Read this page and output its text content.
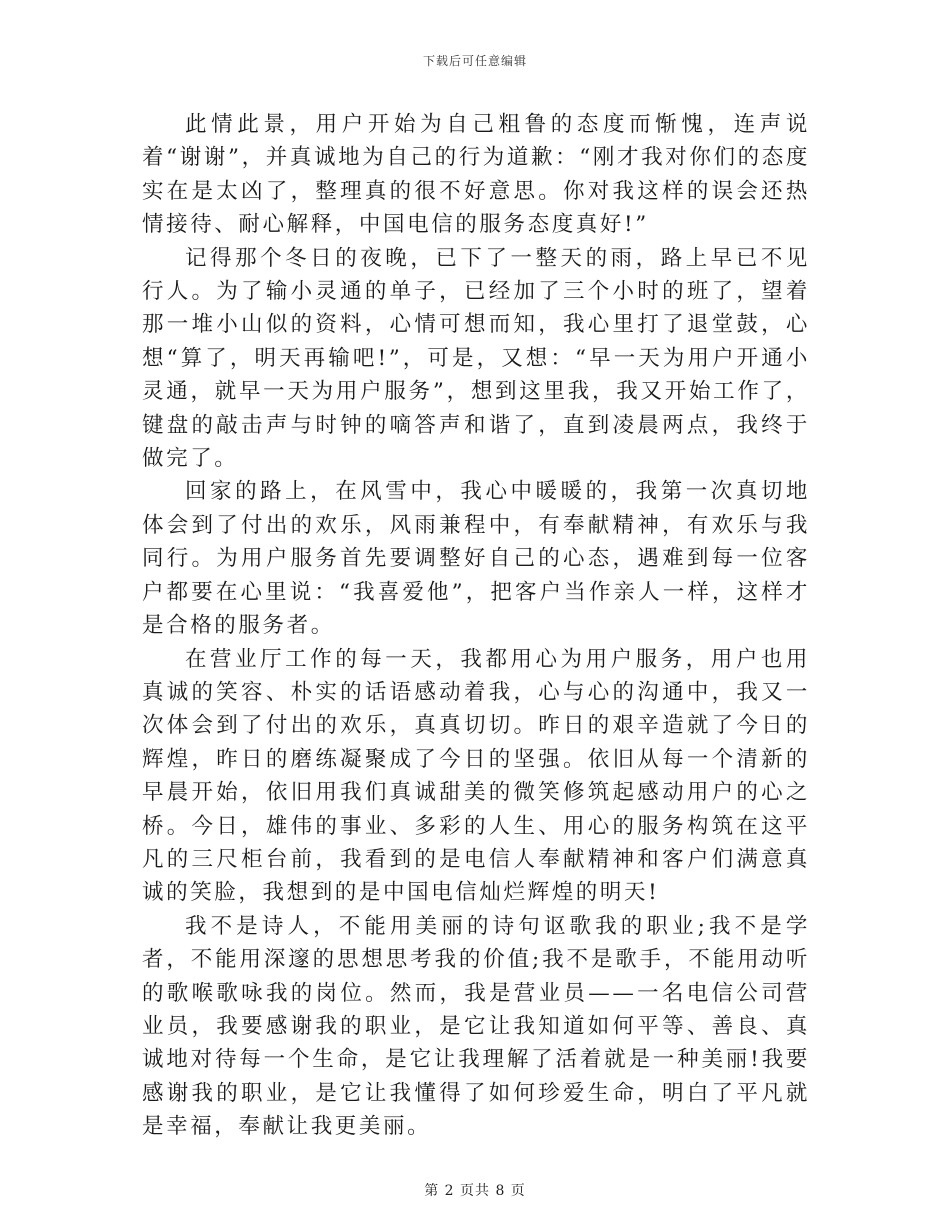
下载后可任意编辑

此情此景，用户开始为自己粗鲁的态度而惭愧，连声说着“谢谢”，并真诚地为自己的行为道歉：“刚才我对你们的态度实在是太凶了，整理真的很不好意思。你对我这样的误会还热情接待、耐心解释，中国电信的服务态度真好!”

记得那个冬日的夜晚，已下了一整天的雨，路上早已不见行人。为了输小灵通的单子，已经加了三个小时的班了，望着那一堆小山似的资料，心情可想而知，我心里打了退堂鼓，心想“算了，明天再输吧!”，可是，又想：“早一天为用户开通小灵通，就早一天为用户服务”，想到这里我，我又开始工作了，键盘的敲击声与时钟的嘀答声和谐了，直到凌晨两点，我终于做完了。

回家的路上，在风雪中，我心中暖暖的，我第一次真切地体会到了付出的欢乐，风雨兼程中，有奉献精神，有欢乐与我同行。为用户服务首先要调整好自己的心态，遇难到每一位客户都要在心里说：“我喜爱他”，把客户当作亲人一样，这样才是合格的服务者。

在营业厅工作的每一天，我都用心为用户服务，用户也用真诚的笑容、朴实的话语感动着我，心与心的沟通中，我又一次体会到了付出的欢乐，真真切切。昨日的艰辛造就了今日的辉煌，昨日的磨练凝聚成了今日的坚强。依旧从每一个清新的早晨开始，依旧用我们真诚甜美的微笑修筑起感动用户的心之桥。今日，雄伟的事业、多彩的人生、用心的服务构筑在这平凡的三尺柜台前，我看到的是电信人奉献精神和客户们满意真诚的笑脸，我想到的是中国电信灿烂辉煌的明天!

我不是诗人，不能用美丽的诗句讴歌我的职业;我不是学者，不能用深邃的思想思考我的价值;我不是歌手，不能用动听的歌喉歌咏我的岗位。然而，我是营业员——一名电信公司营业员，我要感谢我的职业，是它让我知道如何平等、善良、真诚地对待每一个生命，是它让我理解了活着就是一种美丽!我要感谢我的职业，是它让我懂得了如何珍爱生命，明白了平凡就是幸福，奉献让我更美丽。

第 2 页共 8 页
